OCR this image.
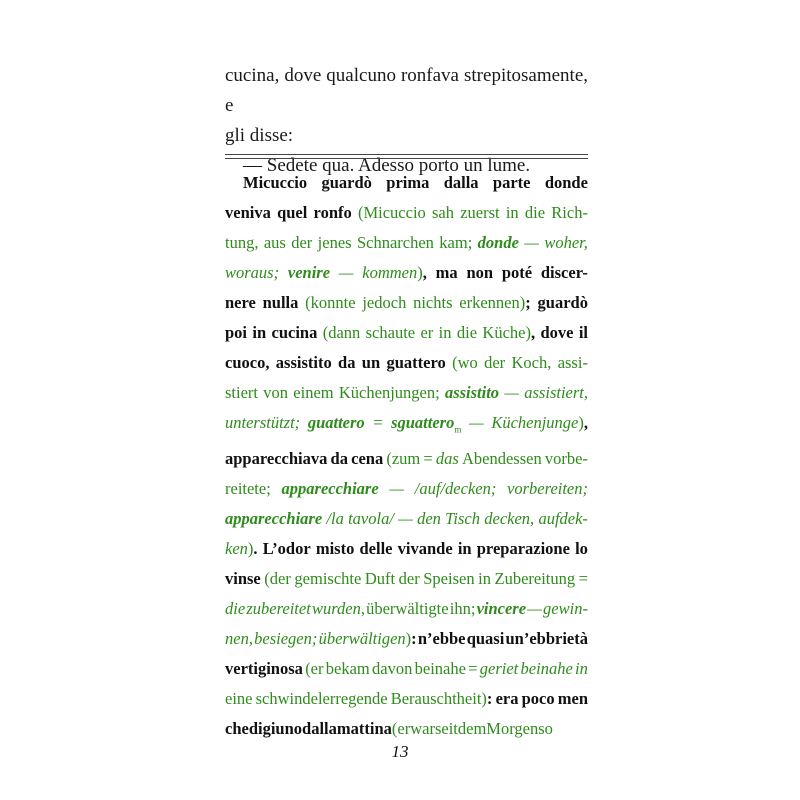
cucina, dove qualcuno ronfava strepitosamente, e

gli disse:

— Sedete qua. Adesso porto un lume.

Micuccio guardò prima dalla parte donde
veniva quel ronfo (Micuccio sah zuerst in die Rich-
tung, aus der jenes Schnarchen kam; donde — woher,
woraus; venire — kommen), ma non poté discer-
nere nulla (konnte jedoch nichts erkennen); guardò
poi in cucina (dann schaute er in die Küche), dove il
cuoco, assistito da un guattero (wo der Koch, assi-
stiert von einem Küchenjungen; assistito — assistiert,
unterstützt; guattero = sguattero$_m$ — Küchenjunge),
apparecchiava da cena (zum = das Abendessen vorbe-
reitete; apparecchiare — /auf/decken; vorbereiten;
apparecchiare /la tavola/ — den Tisch decken, aufdek-
ken). L’odor misto delle vivande in preparazione lo
vinse (der gemischte Duft der Speisen in Zubereitung =
die zubereitet wurden, überwältigte ihn; vincere — gewin-
nen, besiegen; überwältigen): n’ebbe quasi un’ebbrietà
vertiginosa (er bekam davon beinahe = geriet beinahe in
eine schwindelerregende Berauschtheit): era poco men
che digiuno dalla mattina (er war seit dem Morgen so
13
